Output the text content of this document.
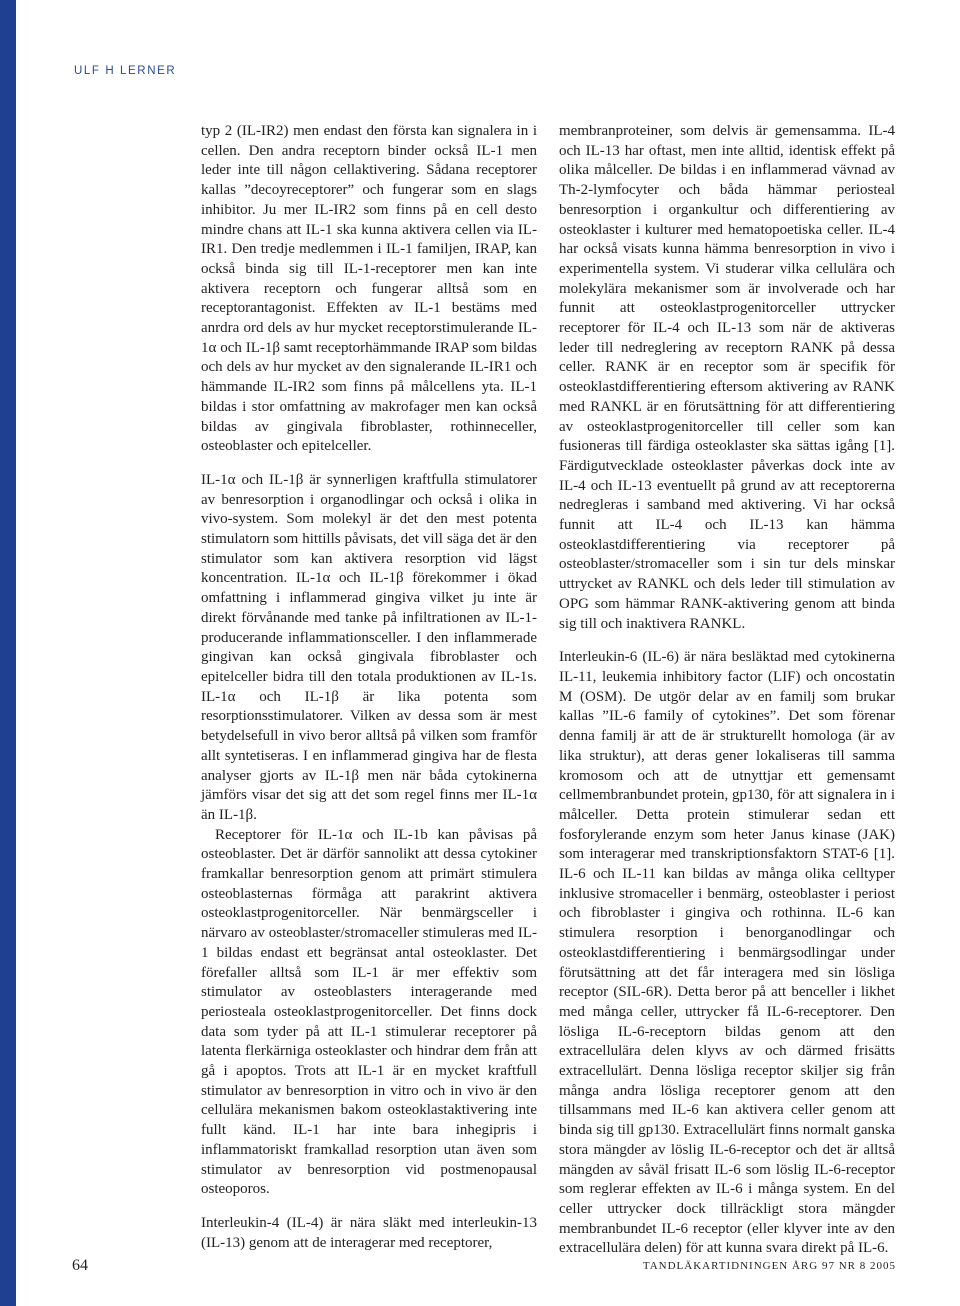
ULF H LERNER

typ 2 (IL-IR2) men endast den första kan signalera in i cellen. Den andra receptorn binder också IL-1 men leder inte till någon cellaktivering. Sådana receptorer kallas ”decoyreceptorer” och fungerar som en slags inhibitor. Ju mer IL-IR2 som finns på en cell desto mindre chans att IL-1 ska kunna aktivera cellen via IL-IR1. Den tredje medlemmen i IL-1 familjen, IRAP, kan också binda sig till IL-1-receptorer men kan inte aktivera receptorn och fungerar alltså som en receptorantagonist. Effekten av IL-1 bestäms med anrdra ord dels av hur mycket receptorstimulerande IL-1α och IL-1β samt receptorhämmande IRAP som bildas och dels av hur mycket av den signalerande IL-IR1 och hämmande IL-IR2 som finns på målcellens yta. IL-1 bildas i stor omfattning av makrofager men kan också bildas av gingivala fibroblaster, rothinneceller, osteoblaster och epitelceller.

IL-1α och IL-1β är synnerligen kraftfulla stimulatorer av benresorption i organodlingar och också i olika in vivo-system. Som molekyl är det den mest potenta stimulatorn som hittills påvisats, det vill säga det är den stimulator som kan aktivera resorption vid lägst koncentration. IL-1α och IL-1β förekommer i ökad omfattning i inflammerad gingiva vilket ju inte är direkt förvånande med tanke på infiltrationen av IL-1-producerande inflammationsceller. I den inflammerade gingivan kan också gingivala fibroblaster och epitelceller bidra till den totala produktionen av IL-1s. IL-1α och IL-1β är lika potenta som resorptionsstimulatorer. Vilken av dessa som är mest betydelsefull in vivo beror alltså på vilken som framför allt syntetiseras. I en inflammerad gingiva har de flesta analyser gjorts av IL-1β men när båda cytokinerna jämförs visar det sig att det som regel finns mer IL-1α än IL-1β.

Receptorer för IL-1α och IL-1b kan påvisas på osteoblaster. Det är därför sannolikt att dessa cytokiner framkallar benresorption genom att primärt stimulera osteoblasternas förmåga att parakrint aktivera osteoklastprogenitorceller. När benmärgsceller i närvaro av osteoblaster/stromaceller stimuleras med IL-1 bildas endast ett begränsat antal osteoklaster. Det förefaller alltså som IL-1 är mer effektiv som stimulator av osteoblasters interagerande med periosteala osteoklastprogenitorceller. Det finns dock data som tyder på att IL-1 stimulerar receptorer på latenta flerkärniga osteoklaster och hindrar dem från att gå i apoptos. Trots att IL-1 är en mycket kraftfull stimulator av benresorption in vitro och in vivo är den cellulära mekanismen bakom osteoklastaktivering inte fullt känd. IL-1 har inte bara inhegipris i inflammatoriskt framkallad resorption utan även som stimulator av benresorption vid postmenopausal osteoporos.

Interleukin-4 (IL-4) är nära släkt med interleukin-13 (IL-13) genom att de interagerar med receptorer,

membranproteiner, som delvis är gemensamma. IL-4 och IL-13 har oftast, men inte alltid, identisk effekt på olika målceller. De bildas i en inflammerad vävnad av Th-2-lymfocyter och båda hämmar periosteal benresorption i organkultur och differentiering av osteoklaster i kulturer med hematopoetiska celler. IL-4 har också visats kunna hämma benresorption in vivo i experimentella system. Vi studerar vilka cellulära och molekylära mekanismer som är involverade och har funnit att osteoklastprogenitorceller uttrycker receptorer för IL-4 och IL-13 som när de aktiveras leder till nedreglering av receptorn RANK på dessa celler. RANK är en receptor som är specifik för osteoklastdifferentiering eftersom aktivering av RANK med RANKL är en förutsättning för att differentiering av osteoklastprogenitorceller till celler som kan fusioneras till färdiga osteoklaster ska sättas igång [1]. Färdigutvecklade osteoklaster påverkas dock inte av IL-4 och IL-13 eventuellt på grund av att receptorerna nedregleras i samband med aktivering. Vi har också funnit att IL-4 och IL-13 kan hämma osteoklastdifferentiering via receptorer på osteoblaster/stromaceller som i sin tur dels minskar uttrycket av RANKL och dels leder till stimulation av OPG som hämmar RANK-aktivering genom att binda sig till och inaktivera RANKL.

Interleukin-6 (IL-6) är nära besläktad med cytokinerna IL-11, leukemia inhibitory factor (LIF) och oncostatin M (OSM). De utgör delar av en familj som brukar kallas ”IL-6 family of cytokines”. Det som förenar denna familj är att de är strukturellt homologa (är av lika struktur), att deras gener lokaliseras till samma kromosom och att de utnyttjar ett gemensamt cellmembranbundet protein, gp130, för att signalera in i målceller. Detta protein stimulerar sedan ett fosforylerande enzym som heter Janus kinase (JAK) som interagerar med transkriptionsfaktorn STAT-6 [1]. IL-6 och IL-11 kan bildas av många olika celltyper inklusive stromaceller i benmärg, osteoblaster i periost och fibroblaster i gingiva och rothinna. IL-6 kan stimulera resorption i benorganodlingar och osteoklastdifferentiering i benmärgsodlingar under förutsättning att det får interagera med sin lösliga receptor (SIL-6R). Detta beror på att benceller i likhet med många celler, uttrycker få IL-6-receptorer. Den lösliga IL-6-receptorn bildas genom att den extracellulära delen klyvs av och därmed frisätts extracellulärt. Denna lösliga receptor skiljer sig från många andra lösliga receptorer genom att den tillsammans med IL-6 kan aktivera celler genom att binda sig till gp130. Extracellulärt finns normalt ganska stora mängder av löslig IL-6-receptor och det är alltså mängden av såväl frisatt IL-6 som löslig IL-6-receptor som reglerar effekten av IL-6 i många system. En del celler uttrycker dock tillräckligt stora mängder membranbundet IL-6 receptor (eller klyver inte av den extracellulära delen) för att kunna svara direkt på IL-6.

64	TANDLÄKARTIDNINGEN ÅRG 97 NR 8 2005
